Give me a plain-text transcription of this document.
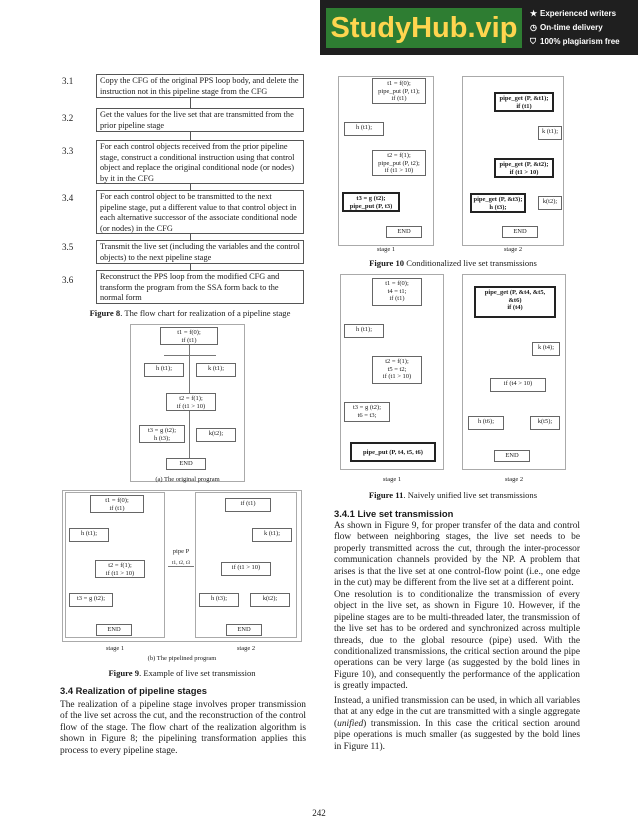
StudyHub.vip	★ Experienced writers
◷ On-time delivery
⛉ 100% plagiarism free
3.1	Copy the CFG of the original PPS loop body, and delete the instruction not in this pipeline stage from the CFG
3.2	Get the values for the live set that are transmitted from the prior pipeline stage
3.3	For each control objects received from the prior pipeline stage, construct a conditional instruction using that control object and replace the original conditional node (or nodes) by it in the CFG
3.4	For each control object to be transmitted to the next pipeline stage, put a different value to that control object in each alternative successor of the associate conditional node (or nodes) in the CFG
3.5	Transmit the live set (including the variables and the control objects) to the next pipeline stage
3.6	Reconstruct the PPS loop from the modified CFG and transform the program from the SSA form back to the normal form
Figure 8. The flow chart for realization of a pipeline stage
t1 = f(0);
if (t1)
h (t1);	k (t1);
t2 = f(1);
if (t1 > 10)
t3 = g (t2);
h (t3);
k(t2);
END
(a) The original program
t1 = f(0);
if (t1)
h (t1);
t2 = f(1);
if (t1 > 10)
t3 = g (t2);
END
stage 1
pipe P
t1, t2, t3
if (t1)
k (t1);
if (t1 > 10)
h (t3);	k(t2);
END
stage 2
(b) The pipelined program
Figure 9. Example of live set transmission
3.4 Realization of pipeline stages
The realization of a pipeline stage involves proper transmission of the live set across the cut, and the reconstruction of the control flow of the stage. The flow chart of the realization algorithm is shown in Figure 8; the pipelining transformation applies this process to every pipeline stage.
t1 = f(0);
pipe_put (P, t1);
if (t1)
h (t1);
t2 = f(1);
pipe_put (P, t2);
if (t1 > 10)
t3 = g (t2);
pipe_put (P, t3)
END
stage 1
pipe_get (P, &t1);
if (t1)
k (t1);
pipe_get (P, &t2);
if (t1 > 10)
pipe_get (P, &t3);
h (t3);
k(t2);
END
stage 2
Figure 10 Conditionalized live set transmissions
t1 = f(0);
t4 = t1;
if (t1)
h (t1);
t2 = f(1);
t5 = t2;
if (t1 > 10)
t3 = g (t2);
t6 = t3;
pipe_put (P, t4, t5, t6)
stage 1
pipe_get (P, &t4, &t5,
&t6)
if (t4)
k (t4);
if (t4 > 10)
h (t6);	k(t5);
END
stage 2
Figure 11. Naively unified live set transmissions
3.4.1 Live set transmission
As shown in Figure 9, for proper transfer of the data and control flow between neighboring stages, the live set needs to be properly transmitted across the cut, through the inter-processor communication channels provided by the NP. A problem that arises is that the live set at one control-flow point (i.e., one edge in the cut) may be different from the live set at a different point.
One resolution is to conditionalize the transmission of every object in the live set, as shown in Figure 10. However, if the pipeline stages are to be multi-threaded later, the transmission of the live set has to be ordered and synchronized across multiple threads, due to the global resource (pipe) used. With the conditionalized transmissions, the critical section around the pipe operations can be very large (as suggested by the bold lines in Figure 10), and consequently the performance of the application is greatly impacted.
Instead, a unified transmission can be used, in which all variables that at any edge in the cut are transmitted with a single aggregate (unified) transmission. In this case the critical section around pipe operations is much smaller (as suggested by the bold lines in Figure 11).
242
